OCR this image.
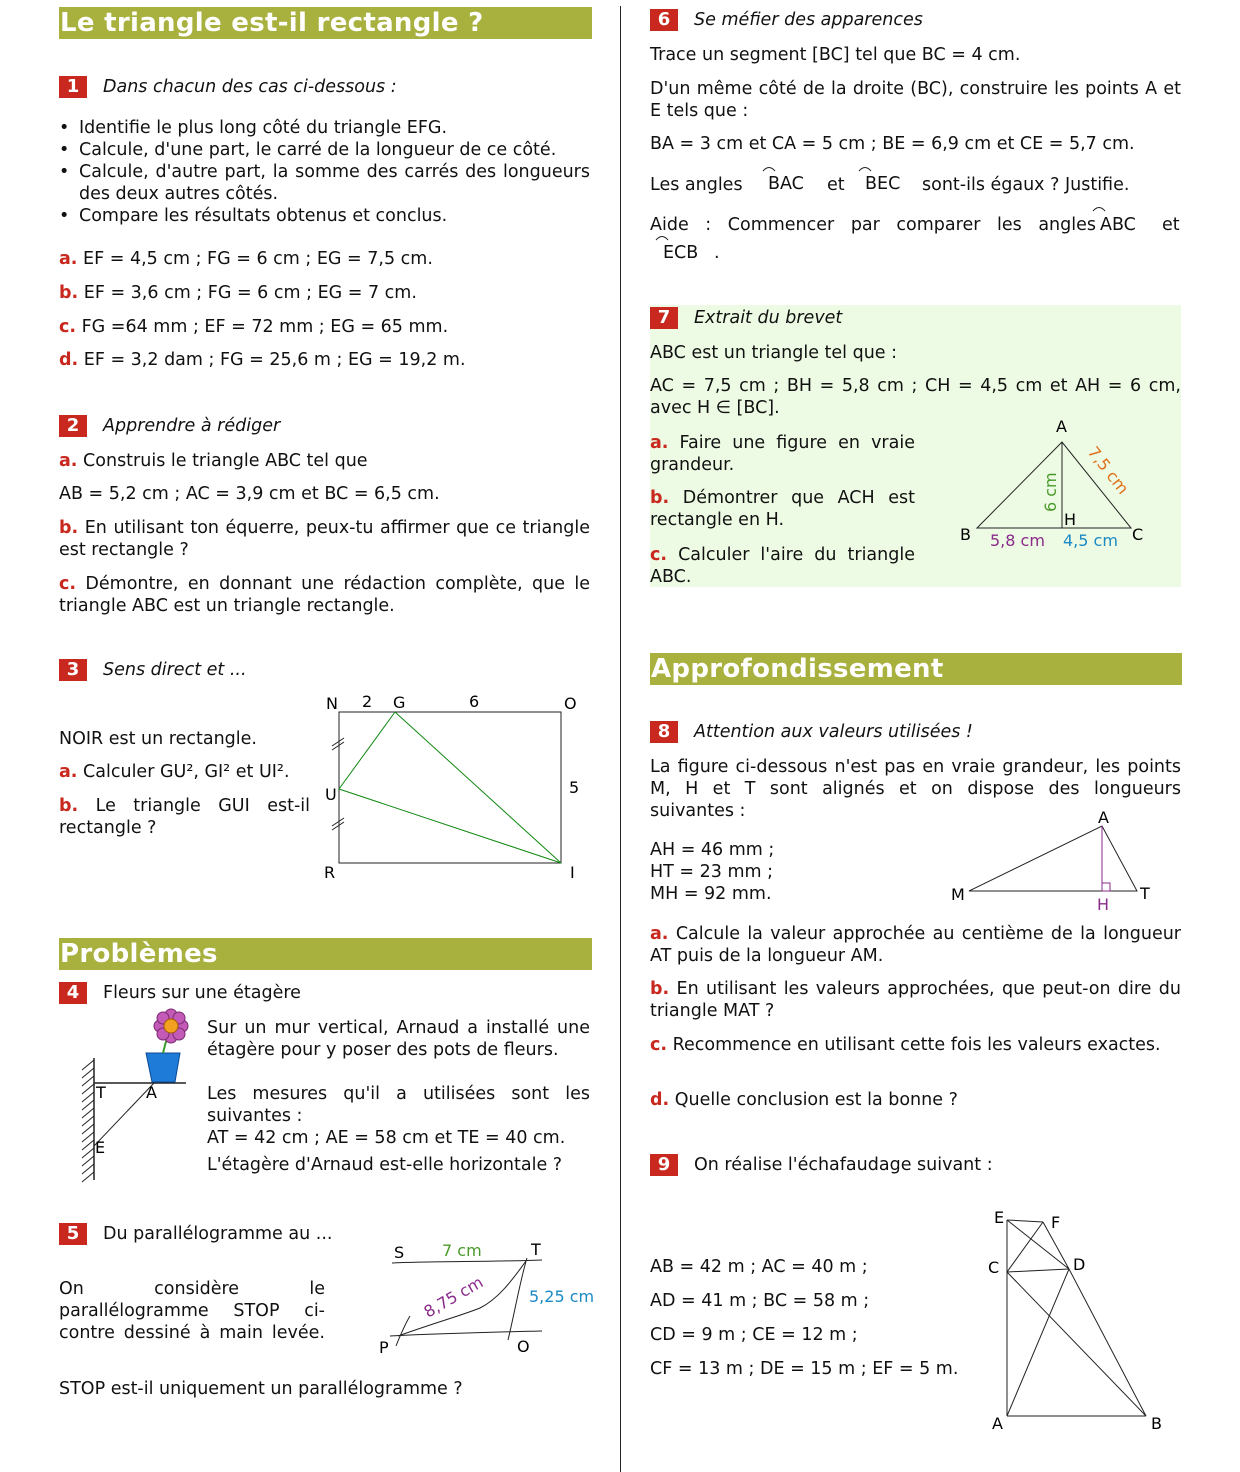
Le triangle est-il rectangle ?
1	Dans chacun des cas ci-dessous :
• Identifie le plus long côté du triangle EFG.
• Calcule, d'une part, le carré de la longueur de ce côté.
• Calcule, d'autre part, la somme des carrés des longueurs des deux autres côtés.
• Compare les résultats obtenus et conclus.
a. EF = 4,5 cm ; FG = 6 cm ; EG = 7,5 cm.
b. EF = 3,6 cm ; FG = 6 cm ; EG = 7 cm.
c. FG =64 mm ; EF = 72 mm ; EG = 65 mm.
d. EF = 3,2 dam ; FG = 25,6 m ; EG = 19,2 m.
2	Apprendre à rédiger
a. Construis le triangle ABC tel que
AB = 5,2 cm ; AC = 3,9 cm et BC = 6,5 cm.
b. En utilisant ton équerre, peux-tu affirmer que ce triangle est rectangle ?
c. Démontre, en donnant une rédaction complète, que le triangle ABC est un triangle rectangle.
3	Sens direct et ...
NOIR est un rectangle.
a. Calculer GU², GI² et UI².
b. Le triangle GUI est-il rectangle ?
N 2 G	6	O
U	5
R	I
Problèmes
4	Fleurs sur une étagère
Sur un mur vertical, Arnaud a installé une étagère pour y poser des pots de fleurs.
Les mesures qu'il a utilisées sont les suivantes :
AT = 42 cm ; AE = 58 cm et TE = 40 cm.
L'étagère d'Arnaud est-elle horizontale ?
T	A
E
5	Du parallélogramme au ...
On considère le parallélogramme STOP ci-contre dessiné à main levée.
STOP est-il uniquement un parallélogramme ?
S 7 cm	T
5,25 cm
8,75 cm
P	O
6	Se méfier des apparences
Trace un segment [BC] tel que BC = 4 cm.
D'un même côté de la droite (BC), construire les points A et E tels que :
BA = 3 cm et CA = 5 cm ; BE = 6,9 cm et CE = 5,7 cm.
Les angles BAC et BEC sont-ils égaux ? Justifie.
Aide : Commencer par comparer les angles ABC et
ECB .
7	Extrait du brevet
ABC est un triangle tel que :
AC = 7,5 cm ; BH = 5,8 cm ; CH = 4,5 cm et AH = 6 cm, avec H ∈ [BC].
a. Faire une figure en vraie grandeur.
b. Démontrer que ACH est rectangle en H.
c. Calculer l'aire du triangle ABC.
A
B	C
H
6 cm 7,5 cm
5,8 cm 4,5 cm
Approfondissement
8	Attention aux valeurs utilisées !
La figure ci-dessous n'est pas en vraie grandeur, les points M, H et T sont alignés et on dispose des longueurs suivantes :
AH = 46 mm ;
HT = 23 mm ;
MH = 92 mm.
A
M
H
T
a. Calcule la valeur approchée au centième de la longueur AT puis de la longueur AM.
b. En utilisant les valeurs approchées, que peut-on dire du triangle MAT ?
c. Recommence en utilisant cette fois les valeurs exactes.
d. Quelle conclusion est la bonne ?
9	On réalise l'échafaudage suivant :
AB = 42 m ; AC = 40 m ;
AD = 41 m ; BC = 58 m ;
CD = 9 m ; CE = 12 m ;
CF = 13 m ; DE = 15 m ; EF = 5 m.
E	F
C	D
A	B
